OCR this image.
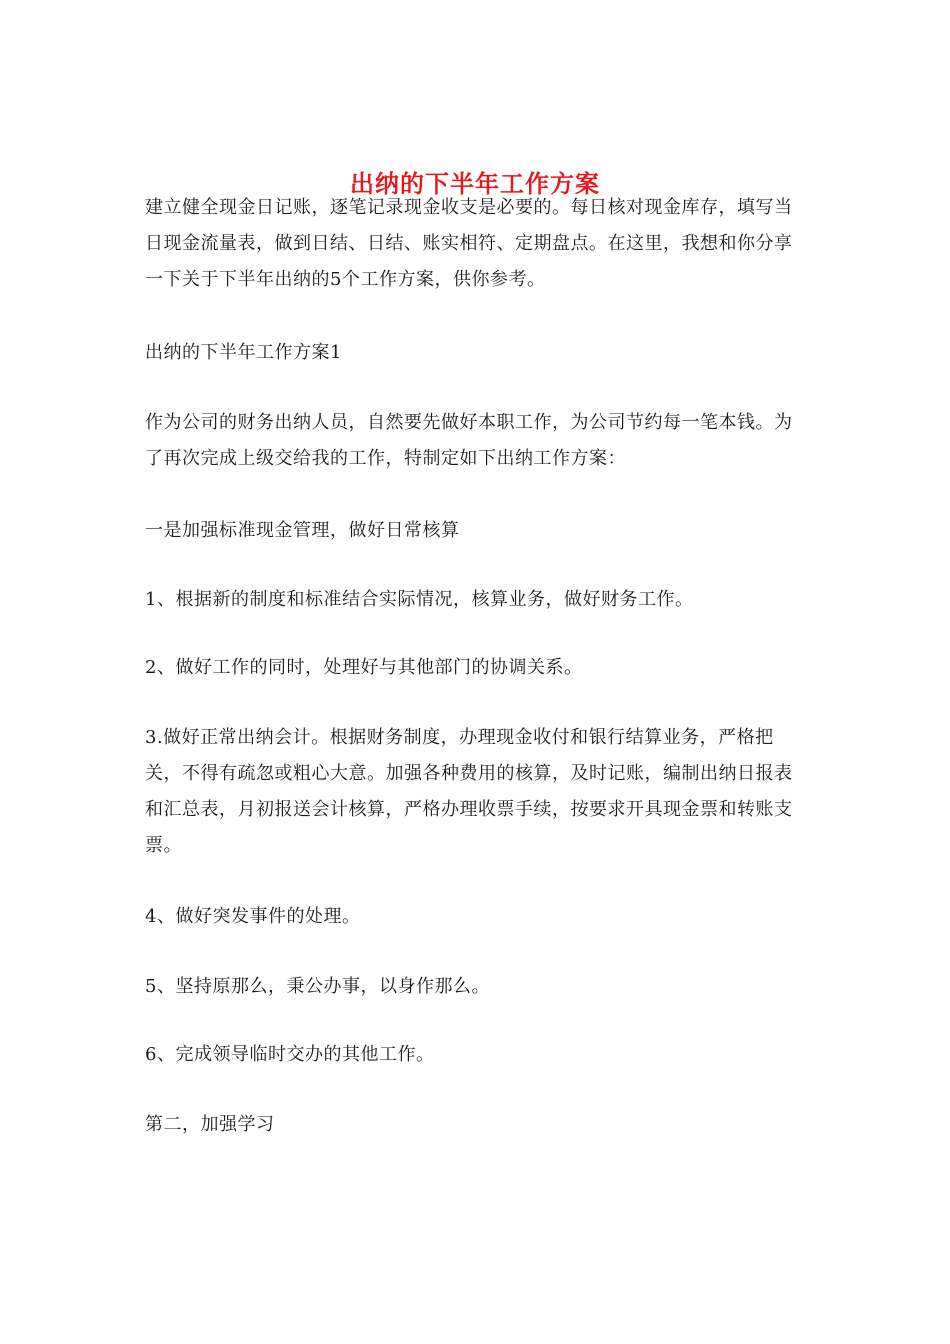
出纳的下半年工作方案

建立健全现金日记账，逐笔记录现金收支是必要的。每日核对现金库存，填写当日现金流量表，做到日结、日结、账实相符、定期盘点。在这里，我想和你分享一下关于下半年出纳的5个工作方案，供你参考。

出纳的下半年工作方案1

作为公司的财务出纳人员，自然要先做好本职工作，为公司节约每一笔本钱。为了再次完成上级交给我的工作，特制定如下出纳工作方案：

一是加强标准现金管理，做好日常核算

1、根据新的制度和标准结合实际情况，核算业务，做好财务工作。

2、做好工作的同时，处理好与其他部门的协调关系。

3.做好正常出纳会计。根据财务制度，办理现金收付和银行结算业务，严格把关，不得有疏忽或粗心大意。加强各种费用的核算，及时记账，编制出纳日报表和汇总表，月初报送会计核算，严格办理收票手续，按要求开具现金票和转账支票。

4、做好突发事件的处理。

5、坚持原那么，秉公办事，以身作那么。

6、完成领导临时交办的其他工作。

第二，加强学习
